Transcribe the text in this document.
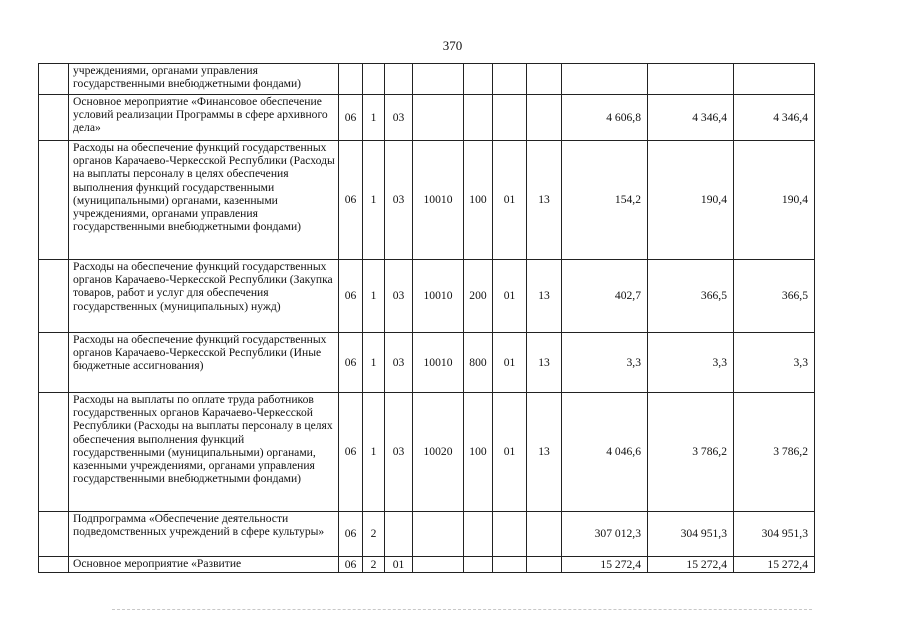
370
	учреждениями, органами управления государственными внебюджетными фондами)										
	Основное мероприятие «Финансовое обеспечение условий реализации Программы в сфере архивного дела»	06	1	03					4 606,8	4 346,4	4 346,4
	Расходы на обеспечение функций государственных органов Карачаево-Черкесской Республики (Расходы на выплаты персоналу в целях обеспечения выполнения функций государственными (муниципальными) органами, казенными учреждениями, органами управления государственными внебюджетными фондами)	06	1	03	10010	100	01	13	154,2	190,4	190,4
	Расходы на обеспечение функций государственных органов Карачаево-Черкесской Республики (Закупка товаров, работ и услуг для обеспечения государственных (муниципальных) нужд)	06	1	03	10010	200	01	13	402,7	366,5	366,5
	Расходы на обеспечение функций государственных органов Карачаево-Черкесской Республики (Иные бюджетные ассигнования)	06	1	03	10010	800	01	13	3,3	3,3	3,3
	Расходы на выплаты по оплате труда работников государственных органов Карачаево-Черкесской Республики (Расходы на выплаты персоналу в целях обеспечения выполнения функций государственными (муниципальными) органами, казенными учреждениями, органами управления государственными внебюджетными фондами)	06	1	03	10020	100	01	13	4 046,6	3 786,2	3 786,2
	Подпрограмма «Обеспечение деятельности подведомственных учреждений в сфере культуры»	06	2						307 012,3	304 951,3	304 951,3
	Основное мероприятие «Развитие	06	2	01					15 272,4	15 272,4	15 272,4
